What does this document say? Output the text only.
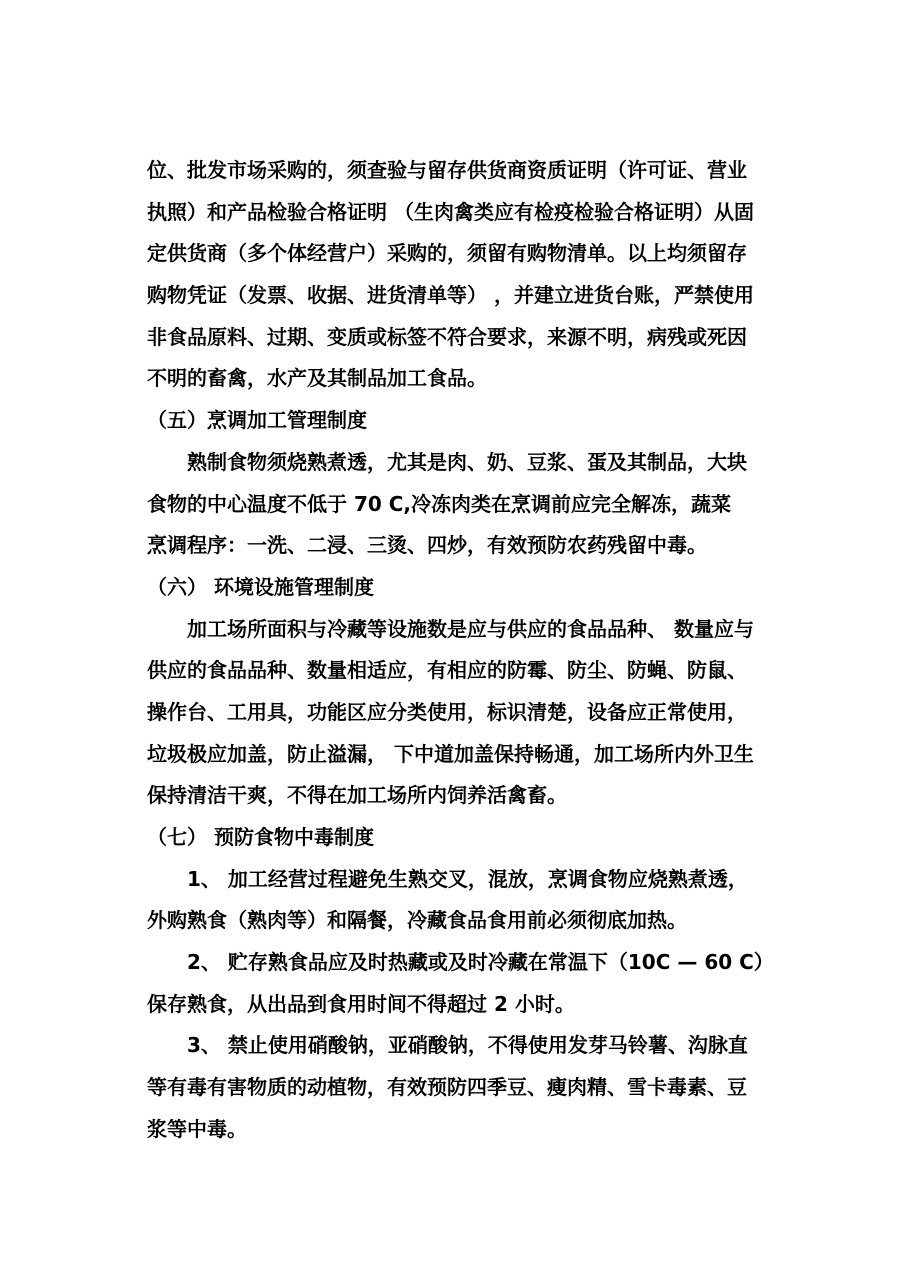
位、批发市场采购的，须查验与留存供货商资质证明（许可证、营业
执照）和产品检验合格证明 （生肉禽类应有检疫检验合格证明）从固
定供货商（多个体经营户）采购的，须留有购物清单。以上均须留存
购物凭证（发票、收据、进货清单等） ，并建立进货台账，严禁使用
非食品原料、过期、变质或标签不符合要求，来源不明，病残或死因
不明的畜禽，水产及其制品加工食品。
（五）烹调加工管理制度
熟制食物须烧熟煮透，尤其是肉、奶、豆浆、蛋及其制品，大块
食物的中心温度不低于 70 C,冷冻肉类在烹调前应完全解冻，蔬菜
烹调程序：一洗、二浸、三烫、四炒，有效预防农药残留中毒。
（六） 环境设施管理制度
加工场所面积与冷藏等设施数是应与供应的食品品种、 数量应与
供应的食品品种、数量相适应，有相应的防霉、防尘、防蝇、防鼠、
操作台、工用具，功能区应分类使用，标识清楚，设备应正常使用，
垃圾极应加盖，防止溢漏， 下中道加盖保持畅通，加工场所内外卫生
保持清洁干爽，不得在加工场所内饲养活禽畜。
（七） 预防食物中毒制度
1、 加工经营过程避免生熟交叉，混放，烹调食物应烧熟煮透，
外购熟食（熟肉等）和隔餐，冷藏食品食用前必须彻底加热。
2、 贮存熟食品应及时热藏或及时冷藏在常温下（10C — 60 C）
保存熟食，从出品到食用时间不得超过 2 小时。
3、 禁止使用硝酸钠，亚硝酸钠，不得使用发芽马铃薯、沟脉直
等有毒有害物质的动植物，有效预防四季豆、瘦肉精、雪卡毒素、豆
浆等中毒。
